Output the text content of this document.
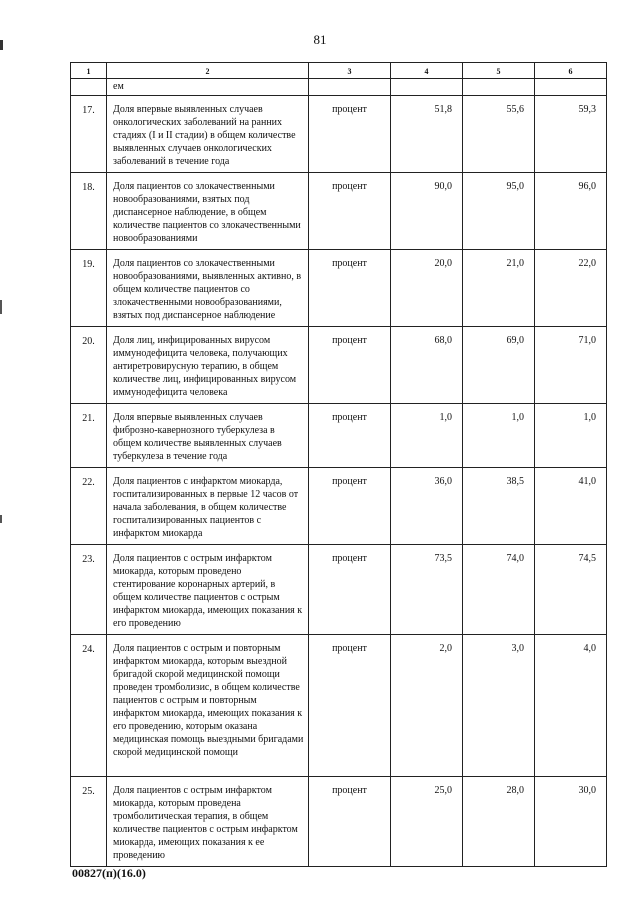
81
1	2	3	4	5	6
	ем				
17.	Доля впервые выявленных случаев онкологических заболеваний на ранних стадиях (I и II стадии) в общем количестве выявленных случаев онкологических заболеваний в течение года	процент	51,8	55,6	59,3
18.	Доля пациентов со злокачественными новообразованиями, взятых под диспансерное наблюдение, в общем количестве пациентов со злокачественными новообразованиями	процент	90,0	95,0	96,0
19.	Доля пациентов со злокачественными новообразованиями, выявленных активно, в общем количестве пациентов со злокачественными новообразованиями, взятых под диспансерное наблюдение	процент	20,0	21,0	22,0
20.	Доля лиц, инфицированных вирусом иммунодефицита человека, получающих антиретровирусную терапию, в общем количестве лиц, инфицированных вирусом иммунодефицита человека	процент	68,0	69,0	71,0
21.	Доля впервые выявленных случаев фиброзно-кавернозного туберкулеза в общем количестве выявленных случаев туберкулеза в течение года	процент	1,0	1,0	1,0
22.	Доля пациентов с инфарктом миокарда, госпитализированных в первые 12 часов от начала заболевания, в общем количестве госпитализированных пациентов с инфарктом миокарда	процент	36,0	38,5	41,0
23.	Доля пациентов с острым инфарктом миокарда, которым проведено стентирование коронарных артерий, в общем количестве пациентов с острым инфарктом миокарда, имеющих показания к его проведению	процент	73,5	74,0	74,5
24.	Доля пациентов с острым и повторным инфарктом миокарда, которым выездной бригадой скорой медицинской помощи проведен тромболизис, в общем количестве пациентов с острым и повторным инфарктом миокарда, имеющих показания к его проведению, которым оказана медицинская помощь выездными бригадами скорой медицинской помощи	процент	2,0	3,0	4,0
25.	Доля пациентов с острым инфарктом миокарда, которым проведена тромболитическая терапия, в общем количестве пациентов с острым инфарктом миокарда, имеющих показания к ее проведению	процент	25,0	28,0	30,0
00827(п)(16.0)
